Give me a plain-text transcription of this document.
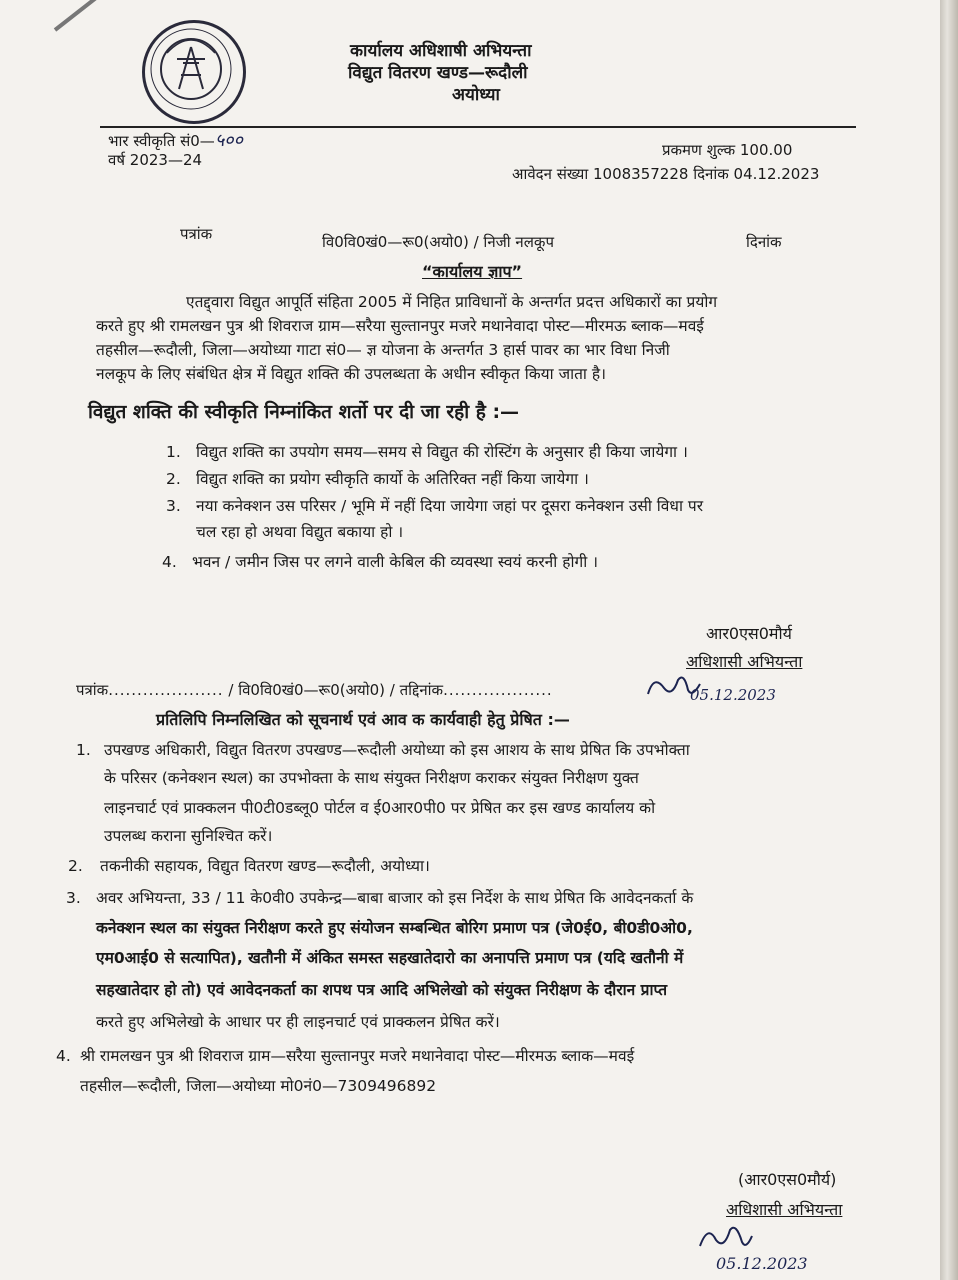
कार्यालय अधिशाषी अभियन्ता
विद्युत वितरण खण्ड—रूदौली
अयोध्या
भार स्वीकृति सं0—५००
वर्ष 2023—24
प्रकमण शुल्क 100.00
आवेदन संख्या 1008357228 दिनांक 04.12.2023
पत्रांक	वि0वि0खं0—रू0(अयो0) / निजी नलकूप	दिनांक
“कार्यालय ज्ञाप”
एतद्द्वारा विद्युत आपूर्ति संहिता 2005 में निहित प्राविधानों के अन्तर्गत प्रदत्त अधिकारों का प्रयोग
करते हुए श्री रामलखन पुत्र श्री शिवराज ग्राम—सरैया सुल्तानपुर मजरे मथानेवादा पोस्ट—मीरमऊ ब्लाक—मवई
तहसील—रूदौली, जिला—अयोध्या गाटा सं0— ज्ञ योजना के अन्तर्गत 3 हार्स पावर का भार विधा निजी
नलकूप के लिए संबंधित क्षेत्र में विद्युत शक्ति की उपलब्धता के अधीन स्वीकृत किया जाता है।
विद्युत शक्ति की स्वीकृति निम्नांकित शर्तो पर दी जा रही है :—
1. विद्युत शक्ति का उपयोग समय—समय से विद्युत की रोस्टिंग के अनुसार ही किया जायेगा ।
2. विद्युत शक्ति का प्रयोग स्वीकृति कार्यो के अतिरिक्त नहीं किया जायेगा ।
3. नया कनेक्शन उस परिसर / भूमि में नहीं दिया जायेगा जहां पर दूसरा कनेक्शन उसी विधा पर
चल रहा हो अथवा विद्युत बकाया हो ।
4. भवन / जमीन जिस पर लगने वाली केबिल की व्यवस्था स्वयं करनी होगी ।
आर0एस0मौर्य
अधिशासी अभियन्ता
05.12.2023
पत्रांक.................... / वि0वि0खं0—रू0(अयो0) / तद्दिनांक...................
प्रतिलिपि निम्नलिखित को सूचनार्थ एवं आव क कार्यवाही हेतु प्रेषित :—
1. उपखण्ड अधिकारी, विद्युत वितरण उपखण्ड—रूदौली अयोध्या को इस आशय के साथ प्रेषित कि उपभोक्ता
के परिसर (कनेक्शन स्थल) का उपभोक्ता के साथ संयुक्त निरीक्षण कराकर संयुक्त निरीक्षण युक्त
लाइनचार्ट एवं प्राक्कलन पी0टी0डब्लू0 पोर्टल व ई0आर0पी0 पर प्रेषित कर इस खण्ड कार्यालय को
उपलब्ध कराना सुनिश्चित करें।
2. तकनीकी सहायक, विद्युत वितरण खण्ड—रूदौली, अयोध्या।
3. अवर अभियन्ता, 33 / 11 के0वी0 उपकेन्द्र—बाबा बाजार को इस निर्देश के साथ प्रेषित कि आवेदनकर्ता के
कनेक्शन स्थल का संयुक्त निरीक्षण करते हुए संयोजन सम्बन्धित बोरिग प्रमाण पत्र (जे0ई0, बी0डी0ओ0,
एम0आई0 से सत्यापित), खतौनी में अंकित समस्त सहखातेदारो का अनापत्ति प्रमाण पत्र (यदि खतौनी में
सहखातेदार हो तो) एवं आवेदनकर्ता का शपथ पत्र आदि अभिलेखो को संयुक्त निरीक्षण के दौरान प्राप्त
करते हुए अभिलेखो के आधार पर ही लाइनचार्ट एवं प्राक्कलन प्रेषित करें।
4. श्री रामलखन पुत्र श्री शिवराज ग्राम—सरैया सुल्तानपुर मजरे मथानेवादा पोस्ट—मीरमऊ ब्लाक—मवई
तहसील—रूदौली, जिला—अयोध्या मो0नं0—7309496892
(आर0एस0मौर्य)
अधिशासी अभियन्ता
05.12.2023
